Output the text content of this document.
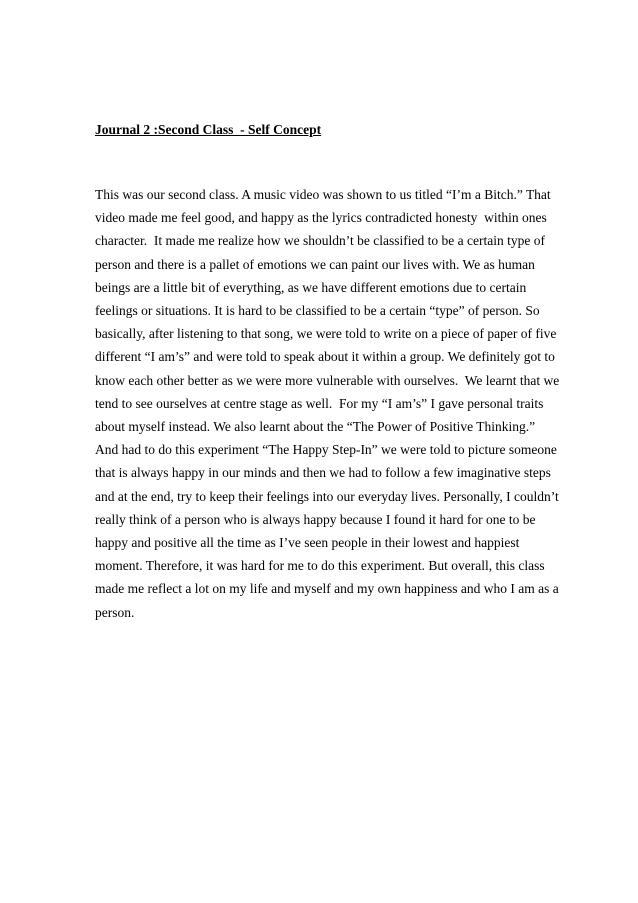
Journal 2 :Second Class  - Self Concept

This was our second class. A music video was shown to us titled “I’m a Bitch.” That
video made me feel good, and happy as the lyrics contradicted honesty  within ones
character.  It made me realize how we shouldn’t be classified to be a certain type of
person and there is a pallet of emotions we can paint our lives with. We as human
beings are a little bit of everything, as we have different emotions due to certain
feelings or situations. It is hard to be classified to be a certain “type” of person. So
basically, after listening to that song, we were told to write on a piece of paper of five
different “I am’s” and were told to speak about it within a group. We definitely got to
know each other better as we were more vulnerable with ourselves.  We learnt that we
tend to see ourselves at centre stage as well.  For my “I am’s” I gave personal traits
about myself instead. We also learnt about the “The Power of Positive Thinking.”
And had to do this experiment “The Happy Step-In” we were told to picture someone
that is always happy in our minds and then we had to follow a few imaginative steps
and at the end, try to keep their feelings into our everyday lives. Personally, I couldn’t
really think of a person who is always happy because I found it hard for one to be
happy and positive all the time as I’ve seen people in their lowest and happiest
moment. Therefore, it was hard for me to do this experiment. But overall, this class
made me reflect a lot on my life and myself and my own happiness and who I am as a
person.
